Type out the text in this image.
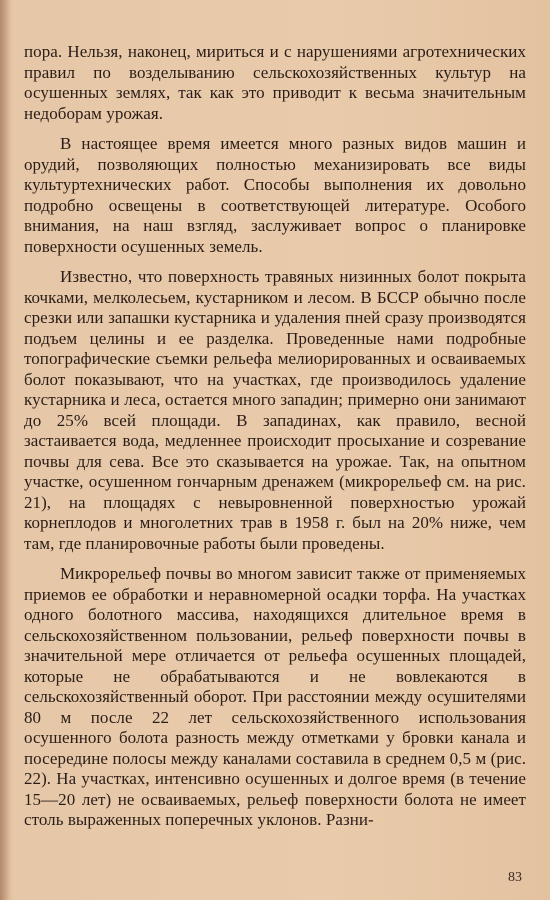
пора. Нельзя, наконец, мириться и с нарушениями агротехнических правил по возделыванию сельскохозяйственных культур на осушенных землях, так как это приводит к весьма значительным недоборам урожая.

В настоящее время имеется много разных видов машин и орудий, позволяющих полностью механизировать все виды культуртехнических работ. Способы выполнения их довольно подробно освещены в соответствующей литературе. Особого внимания, на наш взгляд, заслуживает вопрос о планировке поверхности осушенных земель.

Известно, что поверхность травяных низинных болот покрыта кочками, мелколесьем, кустарником и лесом. В БССР обычно после срезки или запашки кустарника и удаления пней сразу производятся подъем целины и ее разделка. Проведенные нами подробные топографические съемки рельефа мелиорированных и осваиваемых болот показывают, что на участках, где производилось удаление кустарника и леса, остается много западин; примерно они занимают до 25% всей площади. В западинах, как правило, весной застаивается вода, медленнее происходит просыхание и созревание почвы для сева. Все это сказывается на урожае. Так, на опытном участке, осушенном гончарным дренажем (микрорельеф см. на рис. 21), на площадях с невыровненной поверхностью урожай корнеплодов и многолетних трав в 1958 г. был на 20% ниже, чем там, где планировочные работы были проведены.

Микрорельеф почвы во многом зависит также от применяемых приемов ее обработки и неравномерной осадки торфа. На участках одного болотного массива, находящихся длительное время в сельскохозяйственном пользовании, рельеф поверхности почвы в значительной мере отличается от рельефа осушенных площадей, которые не обрабатываются и не вовлекаются в сельскохозяйственный оборот. При расстоянии между осушителями 80 м после 22 лет сельскохозяйственного использования осушенного болота разность между отметками у бровки канала и посередине полосы между каналами составила в среднем 0,5 м (рис. 22). На участках, интенсивно осушенных и долгое время (в течение 15—20 лет) не осваиваемых, рельеф поверхности болота не имеет столь выраженных поперечных уклонов. Разни-

83
